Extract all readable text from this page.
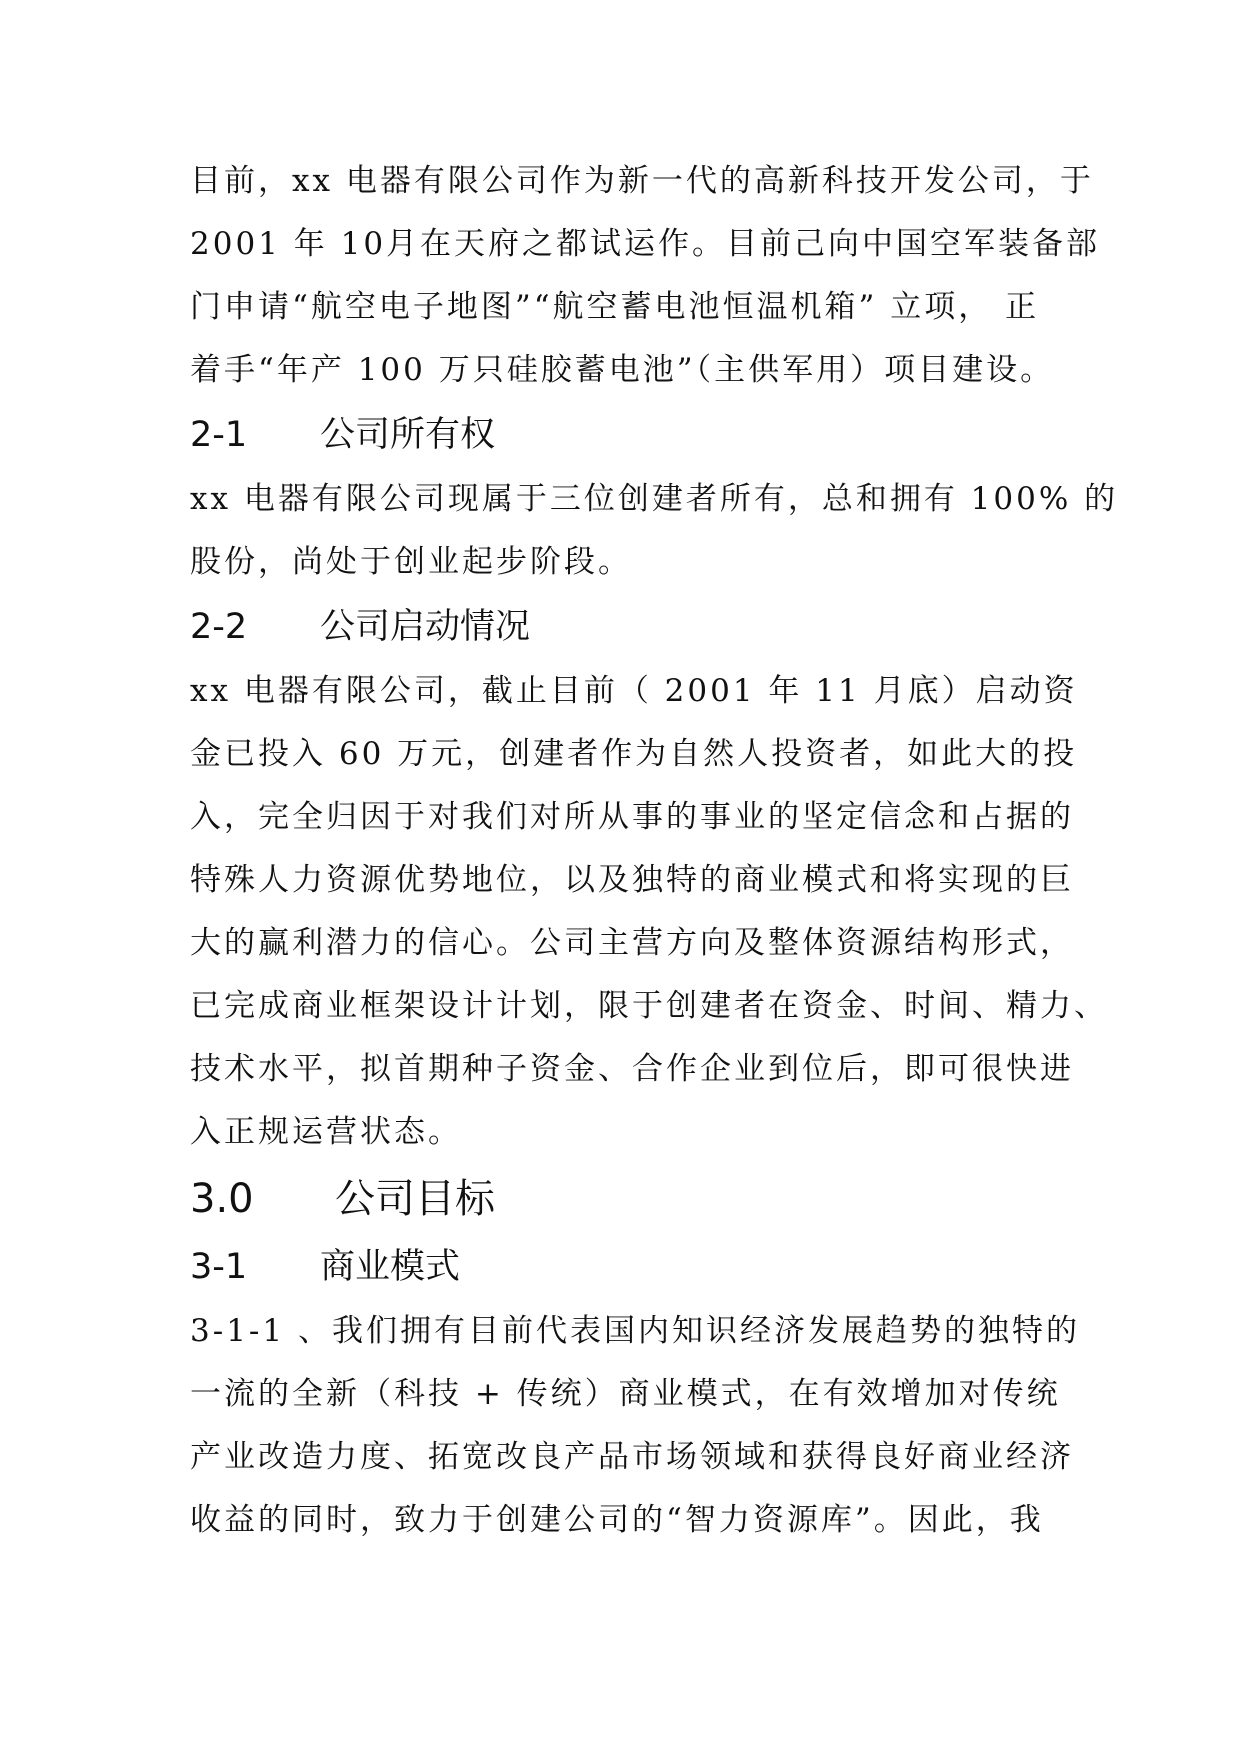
目前，xx 电器有限公司作为新一代的高新科技开发公司，于
2001 年 10月在天府之都试运作。目前己向中国空军装备部
门申请“航空电子地图”“航空蓄电池恒温机箱” 立项， 正
着手“年产 100 万只硅胶蓄电池”（主供军用）项目建设。
2-1 公司所有权
xx 电器有限公司现属于三位创建者所有，总和拥有 100% 的
股份，尚处于创业起步阶段。
2-2 公司启动情况
xx 电器有限公司，截止目前（ 2001 年 11 月底）启动资
金已投入 60 万元，创建者作为自然人投资者，如此大的投
入，完全归因于对我们对所从事的事业的坚定信念和占据的
特殊人力资源优势地位，以及独特的商业模式和将实现的巨
大的赢利潜力的信心。公司主营方向及整体资源结构形式，
已完成商业框架设计计划，限于创建者在资金、时间、精力、
技术水平，拟首期种子资金、合作企业到位后，即可很快进
入正规运营状态。
3.0 公司目标
3-1 商业模式
3-1-1 、我们拥有目前代表国内知识经济发展趋势的独特的
一流的全新（科技 + 传统）商业模式，在有效增加对传统
产业改造力度、拓宽改良产品市场领域和获得良好商业经济
收益的同时，致力于创建公司的“智力资源库”。因此，我
